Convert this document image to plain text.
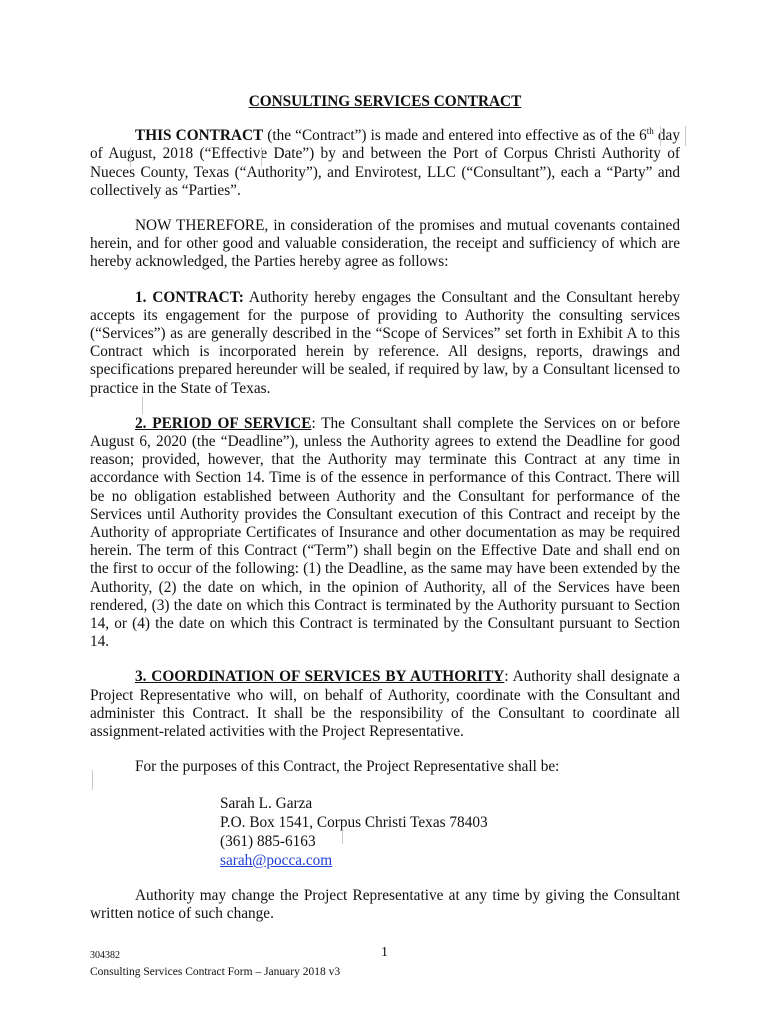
CONSULTING SERVICES CONTRACT

THIS CONTRACT (the “Contract”) is made and entered into effective as of the 6th day of August, 2018 (“Effective Date”) by and between the Port of Corpus Christi Authority of Nueces County, Texas (“Authority”), and Envirotest, LLC (“Consultant”), each a “Party” and collectively as “Parties”.

NOW THEREFORE, in consideration of the promises and mutual covenants contained herein, and for other good and valuable consideration, the receipt and sufficiency of which are hereby acknowledged, the Parties hereby agree as follows:

1. CONTRACT: Authority hereby engages the Consultant and the Consultant hereby accepts its engagement for the purpose of providing to Authority the consulting services (“Services”) as are generally described in the “Scope of Services” set forth in Exhibit A to this Contract which is incorporated herein by reference. All designs, reports, drawings and specifications prepared hereunder will be sealed, if required by law, by a Consultant licensed to practice in the State of Texas.

2. PERIOD OF SERVICE: The Consultant shall complete the Services on or before August 6, 2020 (the “Deadline”), unless the Authority agrees to extend the Deadline for good reason; provided, however, that the Authority may terminate this Contract at any time in accordance with Section 14. Time is of the essence in performance of this Contract. There will be no obligation established between Authority and the Consultant for performance of the Services until Authority provides the Consultant execution of this Contract and receipt by the Authority of appropriate Certificates of Insurance and other documentation as may be required herein. The term of this Contract (“Term”) shall begin on the Effective Date and shall end on the first to occur of the following: (1) the Deadline, as the same may have been extended by the Authority, (2) the date on which, in the opinion of Authority, all of the Services have been rendered, (3) the date on which this Contract is terminated by the Authority pursuant to Section 14, or (4) the date on which this Contract is terminated by the Consultant pursuant to Section 14.

3. COORDINATION OF SERVICES BY AUTHORITY: Authority shall designate a Project Representative who will, on behalf of Authority, coordinate with the Consultant and administer this Contract. It shall be the responsibility of the Consultant to coordinate all assignment-related activities with the Project Representative.

For the purposes of this Contract, the Project Representative shall be:

Sarah L. Garza
P.O. Box 1541, Corpus Christi Texas 78403
(361) 885-6163
sarah@pocca.com

Authority may change the Project Representative at any time by giving the Consultant written notice of such change.

304382
Consulting Services Contract Form – January 2018 v3
1
